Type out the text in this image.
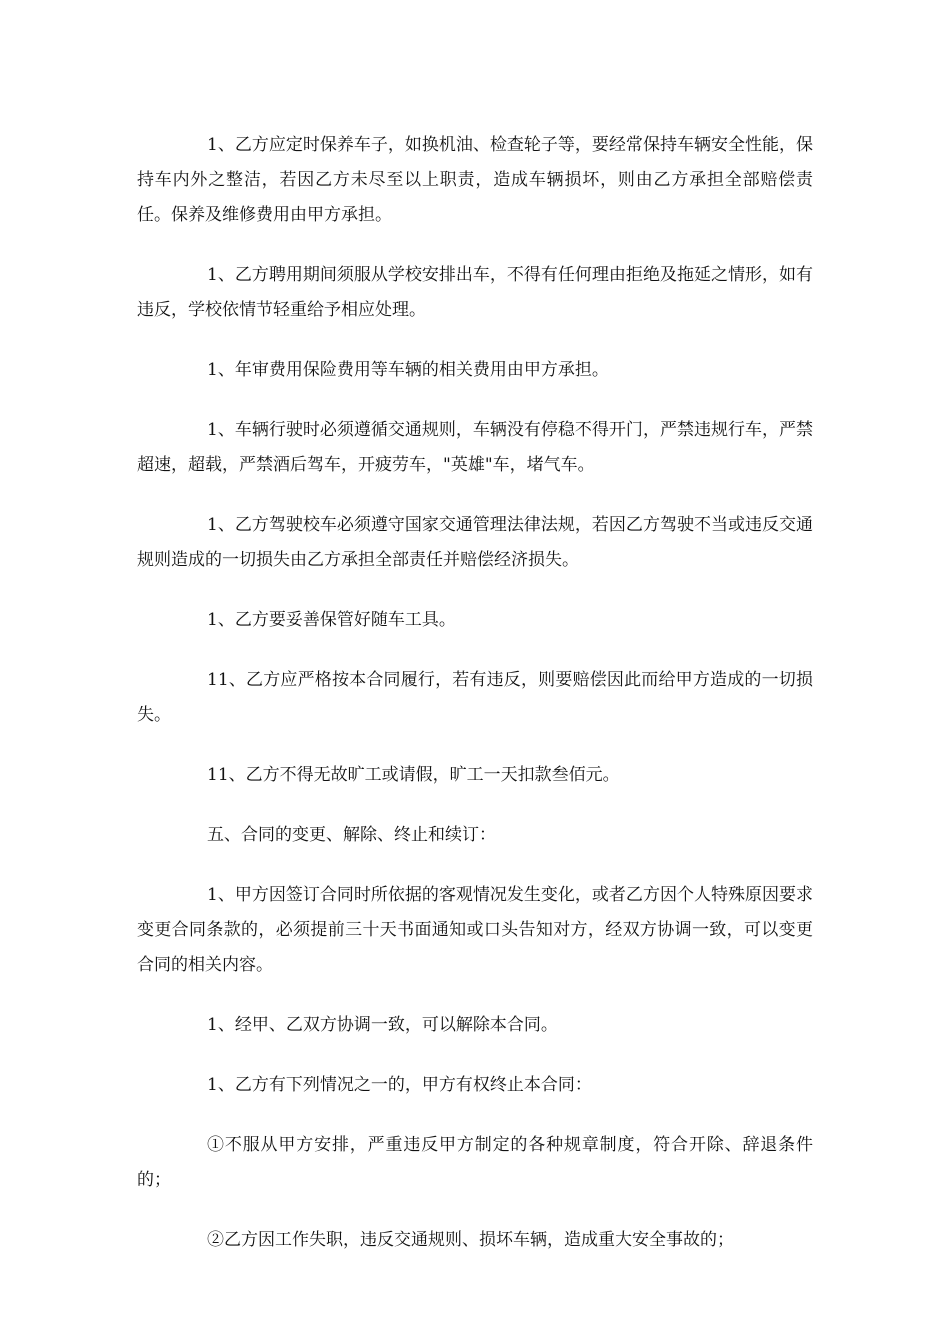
1、乙方应定时保养车子，如换机油、检查轮子等，要经常保持车辆安全性能，保持车内外之整洁，若因乙方未尽至以上职责，造成车辆损坏，则由乙方承担全部赔偿责任。保养及维修费用由甲方承担。

1、乙方聘用期间须服从学校安排出车，不得有任何理由拒绝及拖延之情形，如有违反，学校依情节轻重给予相应处理。

1、年审费用保险费用等车辆的相关费用由甲方承担。

1、车辆行驶时必须遵循交通规则，车辆没有停稳不得开门，严禁违规行车，严禁超速，超载，严禁酒后驾车，开疲劳车，"英雄"车，堵气车。

1、乙方驾驶校车必须遵守国家交通管理法律法规，若因乙方驾驶不当或违反交通规则造成的一切损失由乙方承担全部责任并赔偿经济损失。

1、乙方要妥善保管好随车工具。

11、乙方应严格按本合同履行，若有违反，则要赔偿因此而给甲方造成的一切损失。

11、乙方不得无故旷工或请假，旷工一天扣款叁佰元。

五、合同的变更、解除、终止和续订：

1、甲方因签订合同时所依据的客观情况发生变化，或者乙方因个人特殊原因要求变更合同条款的，必须提前三十天书面通知或口头告知对方，经双方协调一致，可以变更合同的相关内容。

1、经甲、乙双方协调一致，可以解除本合同。

1、乙方有下列情况之一的，甲方有权终止本合同：

①不服从甲方安排，严重违反甲方制定的各种规章制度，符合开除、辞退条件的；

②乙方因工作失职，违反交通规则、损坏车辆，造成重大安全事故的；
